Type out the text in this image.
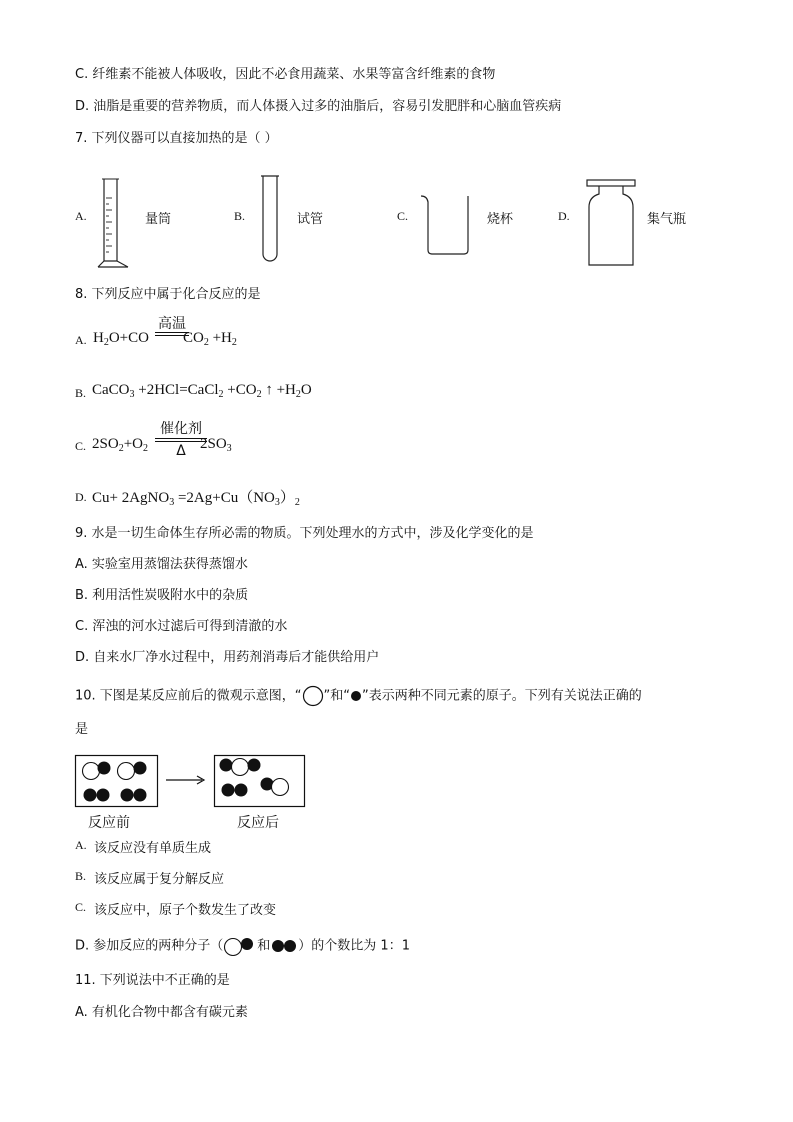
C. 纤维素不能被人体吸收，因此不必食用蔬菜、水果等富含纤维素的食物
D. 油脂是重要的营养物质，而人体摄入过多的油脂后，容易引发肥胖和心脑血管疾病
7. 下列仪器可以直接加热的是（ ）
A.	量筒	B.	试管	C.	烧杯	D.	集气瓶
8. 下列反应中属于化合反应的是
A. $H_2O+CO$ $CO_2 +H_2$
高温
B. CaCO$_3$ +2HCl=CaCl$_2$ $+CO_2$ ↑ $+H_2O$
C. $2SO_2+O_2$	$2SO_3$
催化剂
Δ
D. Cu+ 2AgNO$_3$ $=2Ag+Cu(NO_3)_2$
9. 水是一切生命体生存所必需的物质。下列处理水的方式中，涉及化学变化的是
A. 实验室用蒸馏法获得蒸馏水
B. 利用活性炭吸附水中的杂质
C. 浑浊的河水过滤后可得到清澈的水
D. 自来水厂净水过程中，用药剂消毒后才能供给用户
10. 下图是某反应前后的微观示意图，“ ”和“ ”表示两种不同元素的原子。下列有关说法正确的
是
反应前	反应后
A. 该反应没有单质生成
B. 该反应属于复分解反应
C. 该反应中，原子个数发生了改变
D. 参加反应的两种分子（	和 ）的个数比为 1：1
11. 下列说法中不正确的是
A. 有机化合物中都含有碳元素
